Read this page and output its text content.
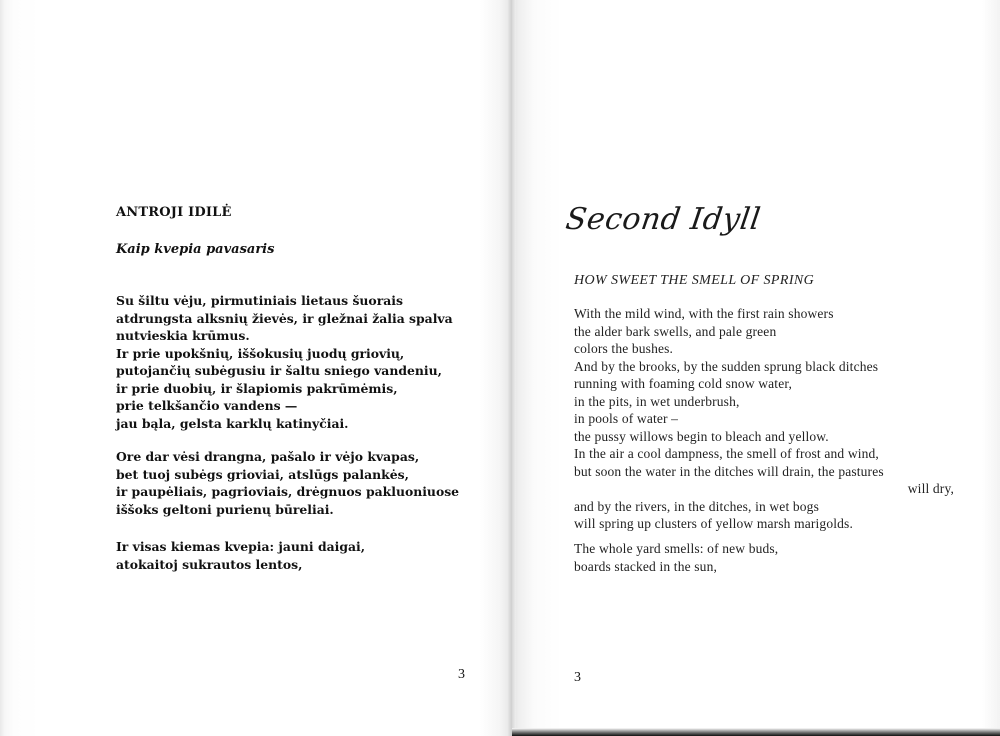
ANTROJI IDILĖ
Kaip kvepia pavasaris
Su šiltu vėju, pirmutiniais lietaus šuorais
atdrungsta alksnių žievės, ir gležnai žalia spalva
nutvieskia krūmus.
Ir prie upokšnių, iššokusių juodų griovių,
putojančių subėgusiu ir šaltu sniego vandeniu,
ir prie duobių, ir šlapiomis pakrūmėmis,
prie telkšančio vandens —
jau bąla, gelsta karklų katinyčiai.
Ore dar vėsi drangna, pašalo ir vėjo kvapas,
bet tuoj subėgs grioviai, atslūgs palankės,
ir paupėliais, pagrioviais, drėgnuos pakluoniuose
iššoks geltoni purienų būreliai.
Ir visas kiemas kvepia: jauni daigai,
atokaitoj sukrautos lentos,
3
Second Idyll
HOW SWEET THE SMELL OF SPRING
With the mild wind, with the first rain showers
the alder bark swells, and pale green
colors the bushes.
And by the brooks, by the sudden sprung black ditches
running with foaming cold snow water,
in the pits, in wet underbrush,
in pools of water –
the pussy willows begin to bleach and yellow.
In the air a cool dampness, the smell of frost and wind,
but soon the water in the ditches will drain, the pastures
will dry,
and by the rivers, in the ditches, in wet bogs
will spring up clusters of yellow marsh marigolds.
The whole yard smells: of new buds,
boards stacked in the sun,
3
